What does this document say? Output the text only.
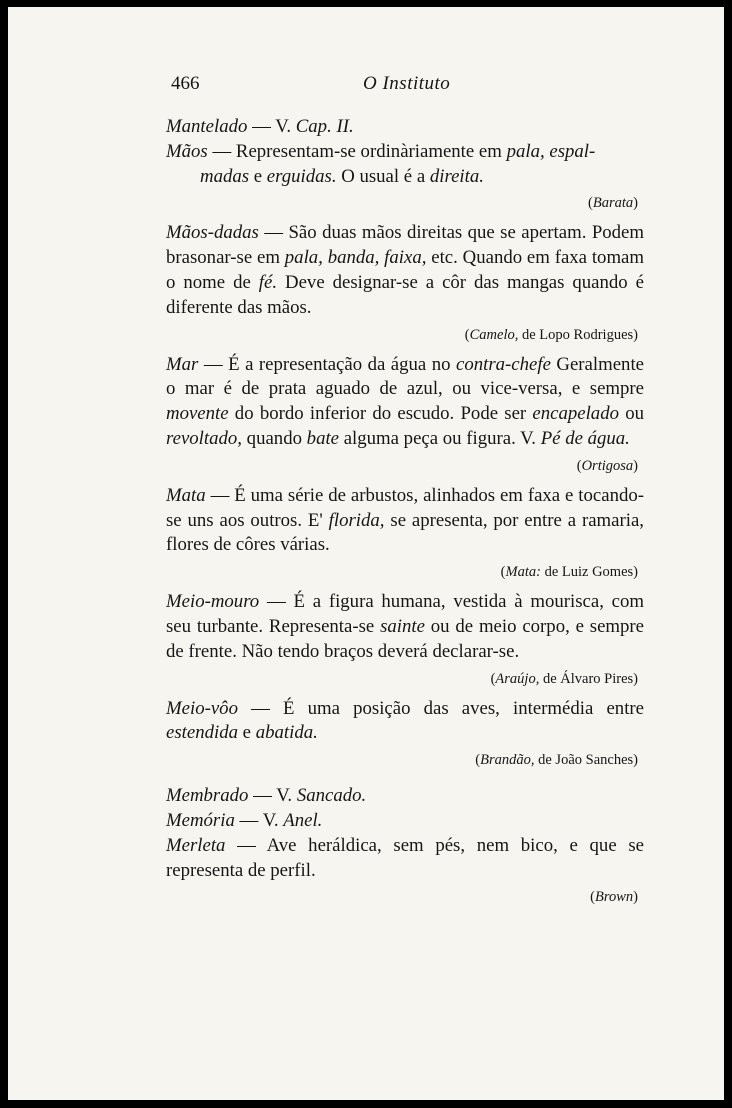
466	O Instituto
Mantelado — V. Cap. II.
Mãos — Representam-se ordinàriamente em pala, espal-
madas e erguidas. O usual é a direita.
(Barata)
Mãos-dadas — São duas mãos direitas que se apertam. Podem brasonar-se em pala, banda, faixa, etc. Quando em faxa tomam o nome de fé. Deve designar-se a côr das mangas quando é diferente das mãos.
(Camelo, de Lopo Rodrigues)
Mar — É a representação da água no contra-chefe Geralmente o mar é de prata aguado de azul, ou vice-versa, e sempre movente do bordo inferior do escudo. Pode ser encapelado ou revoltado, quando bate alguma peça ou figura. V. Pé de água.
(Ortigosa)
Mata — É uma série de arbustos, alinhados em faxa e tocando-se uns aos outros. E' florida, se apresenta, por entre a ramaria, flores de côres várias.
(Mata: de Luiz Gomes)
Meio-mouro — É a figura humana, vestida à mourisca, com seu turbante. Representa-se sainte ou de meio corpo, e sempre de frente. Não tendo braços deverá declarar-se.
(Araújo, de Álvaro Pires)
Meio-vôo — É uma posição das aves, intermédia entre estendida e abatida.
(Brandão, de João Sanches)
Membrado — V. Sancado.
Memória — V. Anel.
Merleta — Ave heráldica, sem pés, nem bico, e que se representa de perfil.
(Brown)
